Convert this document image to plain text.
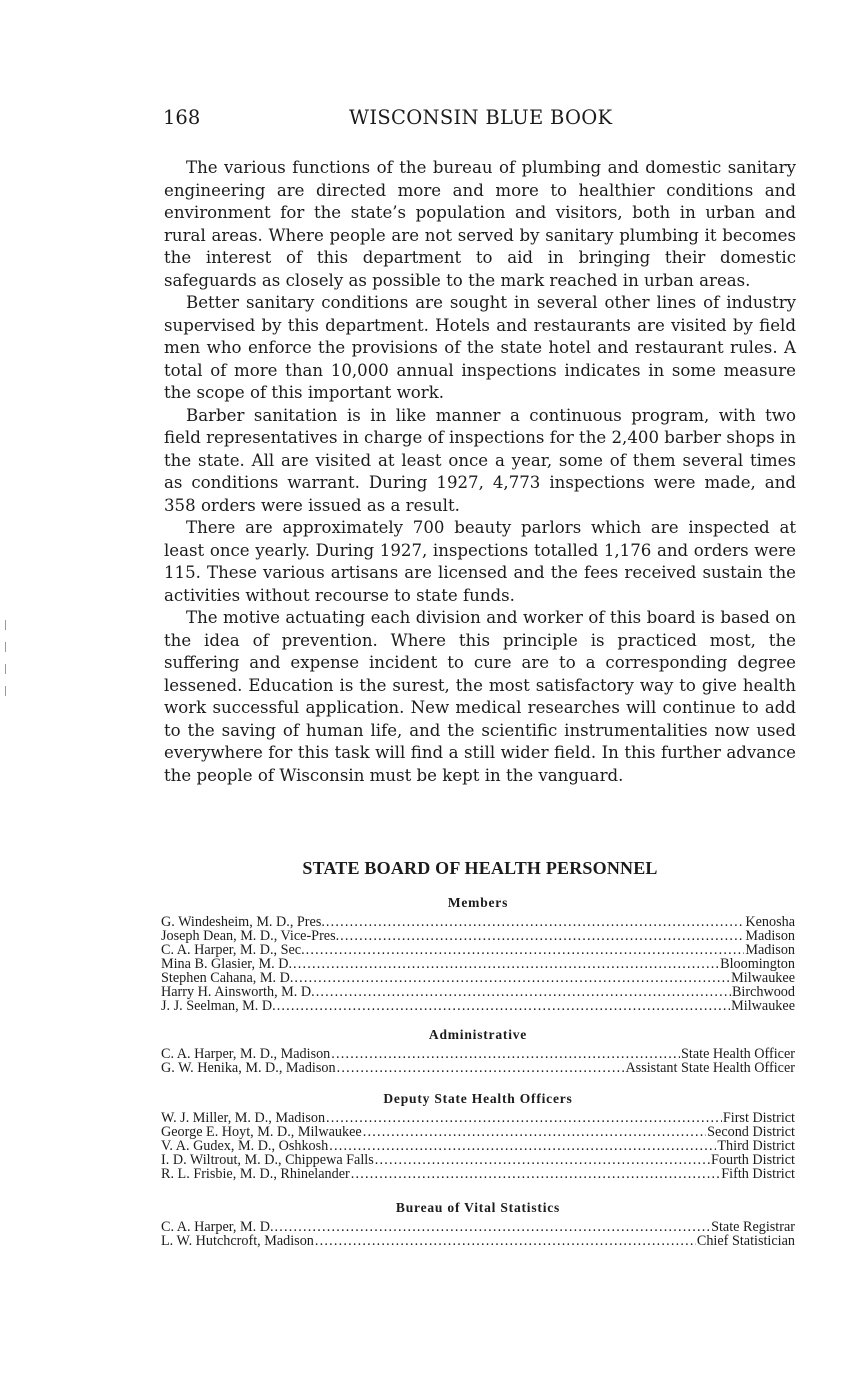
168	WISCONSIN BLUE BOOK

The various functions of the bureau of plumbing and domestic sanitary engineering are directed more and more to healthier conditions and environment for the state’s population and visitors, both in urban and rural areas. Where people are not served by sanitary plumbing it becomes the interest of this department to aid in bringing their domestic safeguards as closely as possible to the mark reached in urban areas.

Better sanitary conditions are sought in several other lines of industry supervised by this department. Hotels and restaurants are visited by field men who enforce the provisions of the state hotel and restaurant rules. A total of more than 10,000 annual inspections indicates in some measure the scope of this important work.

Barber sanitation is in like manner a continuous program, with two field representatives in charge of inspections for the 2,400 barber shops in the state. All are visited at least once a year, some of them several times as conditions warrant. During 1927, 4,773 inspections were made, and 358 orders were issued as a result.

There are approximately 700 beauty parlors which are inspected at least once yearly. During 1927, inspections totalled 1,176 and orders were 115. These various artisans are licensed and the fees received sustain the activities without recourse to state funds.

The motive actuating each division and worker of this board is based on the idea of prevention. Where this principle is practiced most, the suffering and expense incident to cure are to a corresponding degree lessened. Education is the surest, the most satisfactory way to give health work successful application. New medical researches will continue to add to the saving of human life, and the scientific instrumentalities now used everywhere for this task will find a still wider field. In this further advance the people of Wisconsin must be kept in the vanguard.

STATE BOARD OF HEALTH PERSONNEL
Members
G. Windesheim, M. D., Pres. .....	Kenosha
Joseph Dean, M. D., Vice-Pres. .....	Madison
C. A. Harper, M. D., Sec. .....	Madison
Mina B. Glasier, M. D. .....	Bloomington
Stephen Cahana, M. D. .....	Milwaukee
Harry H. Ainsworth, M. D. .....	Birchwood
J. J. Seelman, M. D. .....	Milwaukee
Administrative
C. A. Harper, M. D., Madison .....	State Health Officer
G. W. Henika, M. D., Madison .....	Assistant State Health Officer
Deputy State Health Officers
W. J. Miller, M. D., Madison .....	First District
George E. Hoyt, M. D., Milwaukee .....	Second District
V. A. Gudex, M. D., Oshkosh .....	Third District
I. D. Wiltrout, M. D., Chippewa Falls .....	Fourth District
R. L. Frisbie, M. D., Rhinelander .....	Fifth District
Bureau of Vital Statistics
C. A. Harper, M. D. .....	State Registrar
L. W. Hutchcroft, Madison .....	Chief Statistician
